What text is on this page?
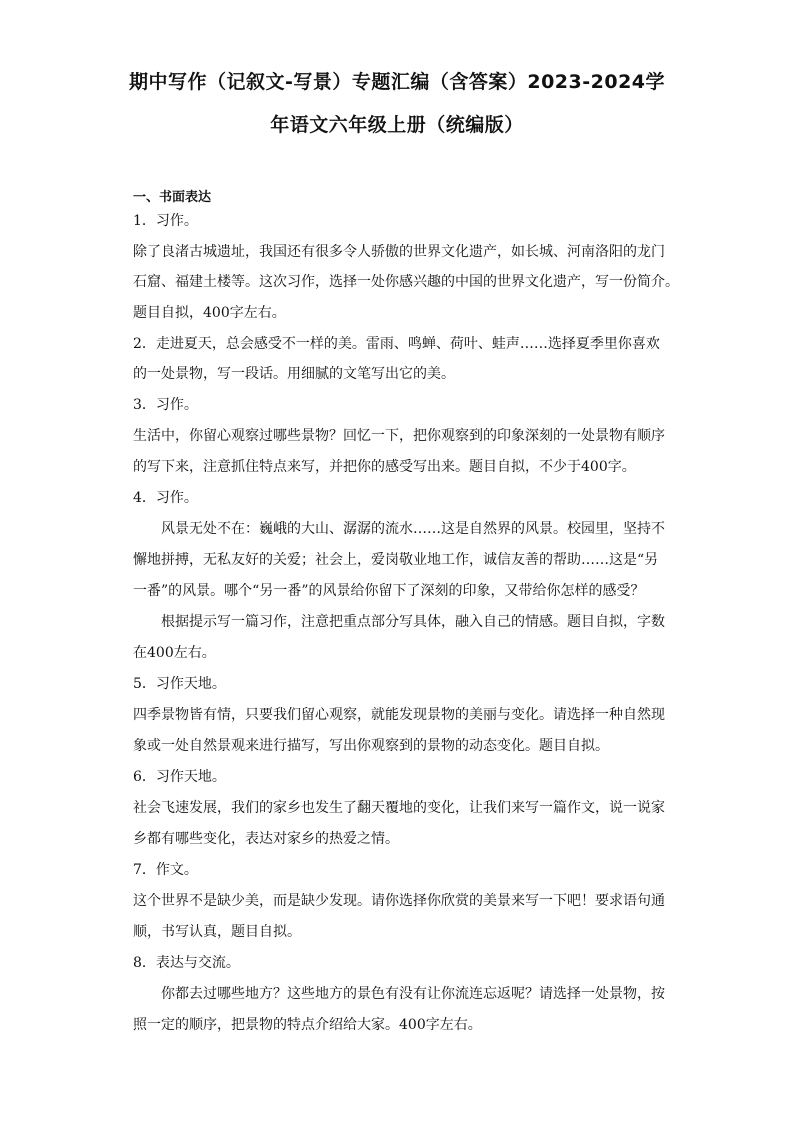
期中写作（记叙文-写景）专题汇编（含答案）2023-2024学
年语文六年级上册（统编版）
一、书面表达
1．习作。
除了良渚古城遗址，我国还有很多令人骄傲的世界文化遗产，如长城、河南洛阳的龙门
石窟、福建土楼等。这次习作，选择一处你感兴趣的中国的世界文化遗产，写一份简介。
题目自拟，400字左右。
2．走进夏天，总会感受不一样的美。雷雨、鸣蝉、荷叶、蛙声……选择夏季里你喜欢
的一处景物，写一段话。用细腻的文笔写出它的美。
3．习作。
生活中，你留心观察过哪些景物？回忆一下，把你观察到的印象深刻的一处景物有顺序
的写下来，注意抓住特点来写，并把你的感受写出来。题目自拟，不少于400字。
4．习作。
风景无处不在：巍峨的大山、潺潺的流水……这是自然界的风景。校园里，坚持不
懈地拼搏，无私友好的关爱；社会上，爱岗敬业地工作，诚信友善的帮助……这是“另
一番”的风景。哪个“另一番”的风景给你留下了深刻的印象，又带给你怎样的感受？
根据提示写一篇习作，注意把重点部分写具体，融入自己的情感。题目自拟，字数
在400左右。
5．习作天地。
四季景物皆有情，只要我们留心观察，就能发现景物的美丽与变化。请选择一种自然现
象或一处自然景观来进行描写，写出你观察到的景物的动态变化。题目自拟。
6．习作天地。
社会飞速发展，我们的家乡也发生了翻天覆地的变化，让我们来写一篇作文，说一说家
乡都有哪些变化，表达对家乡的热爱之情。
7．作文。
这个世界不是缺少美，而是缺少发现。请你选择你欣赏的美景来写一下吧！要求语句通
顺，书写认真，题目自拟。
8．表达与交流。
你都去过哪些地方？这些地方的景色有没有让你流连忘返呢？请选择一处景物，按
照一定的顺序，把景物的特点介绍给大家。400字左右。
